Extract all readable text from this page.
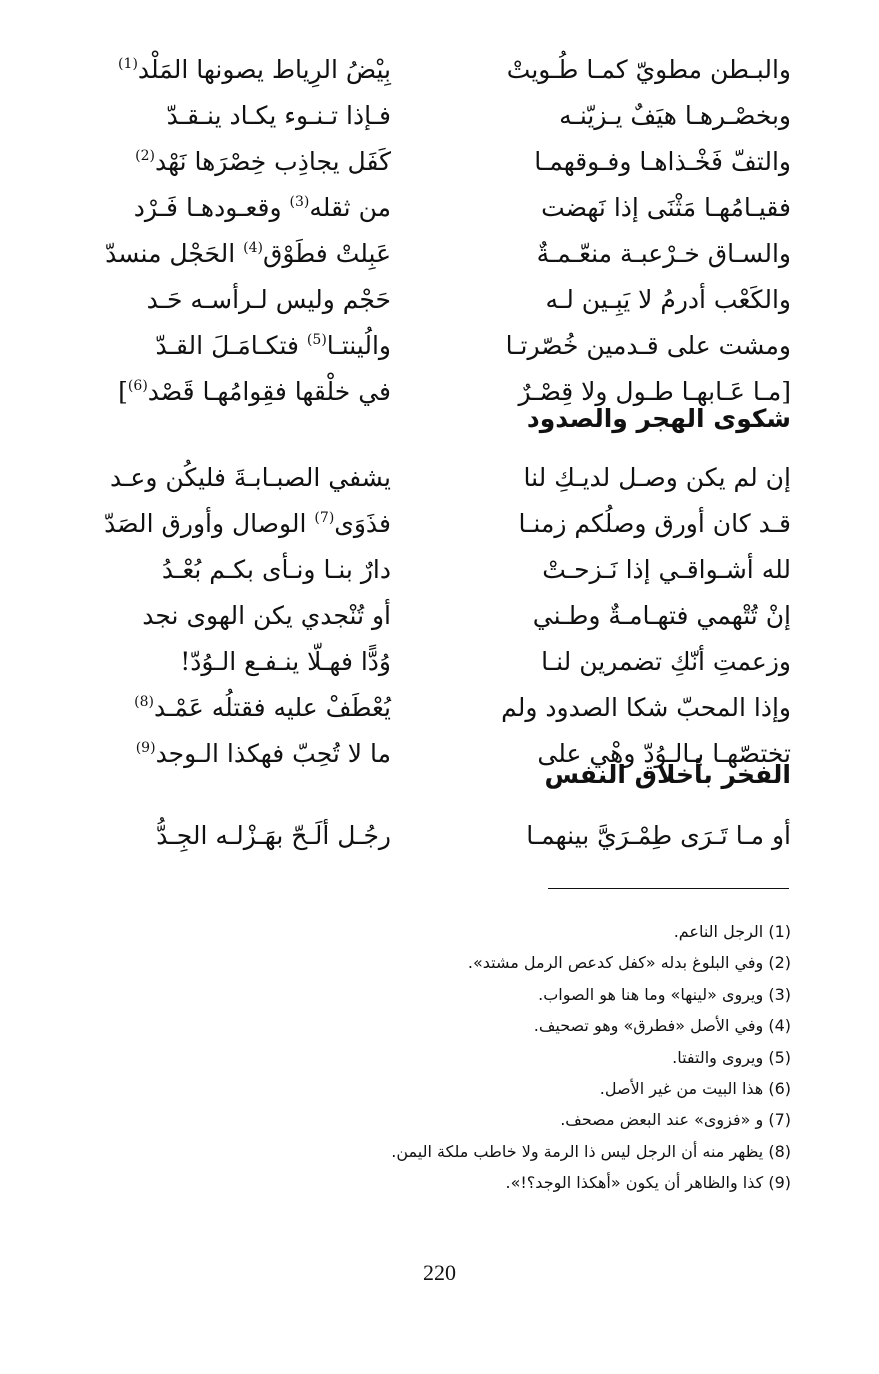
والبـطن مطويّ كمـا طُـويتْ
بِيْضُ الرِياط يصونها المَلْد$^{(1)}$
وبخصْـرهـا هيَفٌ يـزيّنـه
فـإذا تـنـوء يكـاد ينـقـدّ
والتفّ فَخْـذاهـا وفـوقهمـا
كَفَل يجاذِب خِصْرَها نَهْد$^{(2)}$
فقيـامُهـا مَثْنَى إذا نَهضت
من ثقله$^{(3)}$ وقعـودهـا فَـرْد
والسـاق خـرْعبـة منعّـمـةٌ
عَبِلتْ فطَوْق$^{(4)}$ الحَجْل منسدّ
والكَعْب أدرمُ لا يَبِـين لـه
حَجْم وليس لـرأسـه حَـد
ومشت على قـدمين خُصّرتـا
والُينتـا$^{(5)}$ فتكـامَـلَ القـدّ
[مـا عَـابهـا طـول ولا قِصْـرٌ
في خلْقها فقِوامُهـا قَصْد$^{(6)}$]
شكوى الهجر والصدود
إن لم يكن وصـل لديـكِ لنا
يشفي الصبـابـةَ فليكُن وعـد
قـد كان أورق وصلُكم زمنـا
فذَوَى$^{(7)}$ الوصال وأورق الصَدّ
لله أشـواقـي إذا نَـزحـتْ
دارٌ بنـا ونـأى بكـم بُعْـدُ
إنْ تُتْهمي فتهـامـةٌ وطـني
أو تُنْجدي يكن الهوى نجد
وزعمتِ أنّكِ تضمرين لنـا
وُدًّا فهـلّا ينـفـع الـوُدّ!
وإذا المحبّ شكا الصدود ولم
يُعْطَفْ عليه فقتلُه عَمْـد$^{(8)}$
تختصّهـا بـالـوُدّ وهْي على
ما لا تُحِبّ فهكذا الـوجد$^{(9)}$
الفخر بأخلاق النفس
أو مـا تَـرَى طِمْـرَيَّ بينهمـا
رجُـل ألَـحّ بهَـزْلـه الجِـدُّ
(1) الرجل الناعم.
(2) وفي البلوغ بدله «كفل كدعص الرمل مشتد».
(3) ويروى «لينها» وما هنا هو الصواب.
(4) وفي الأصل «فطرق» وهو تصحيف.
(5) ويروى والتفتا.
(6) هذا البيت من غير الأصل.
(7) و «فزوى» عند البعض مصحف.
(8) يظهر منه أن الرجل ليس ذا الرمة ولا خاطب ملكة اليمن.
(9) كذا والظاهر أن يكون «أهكذا الوجد؟!».
220
